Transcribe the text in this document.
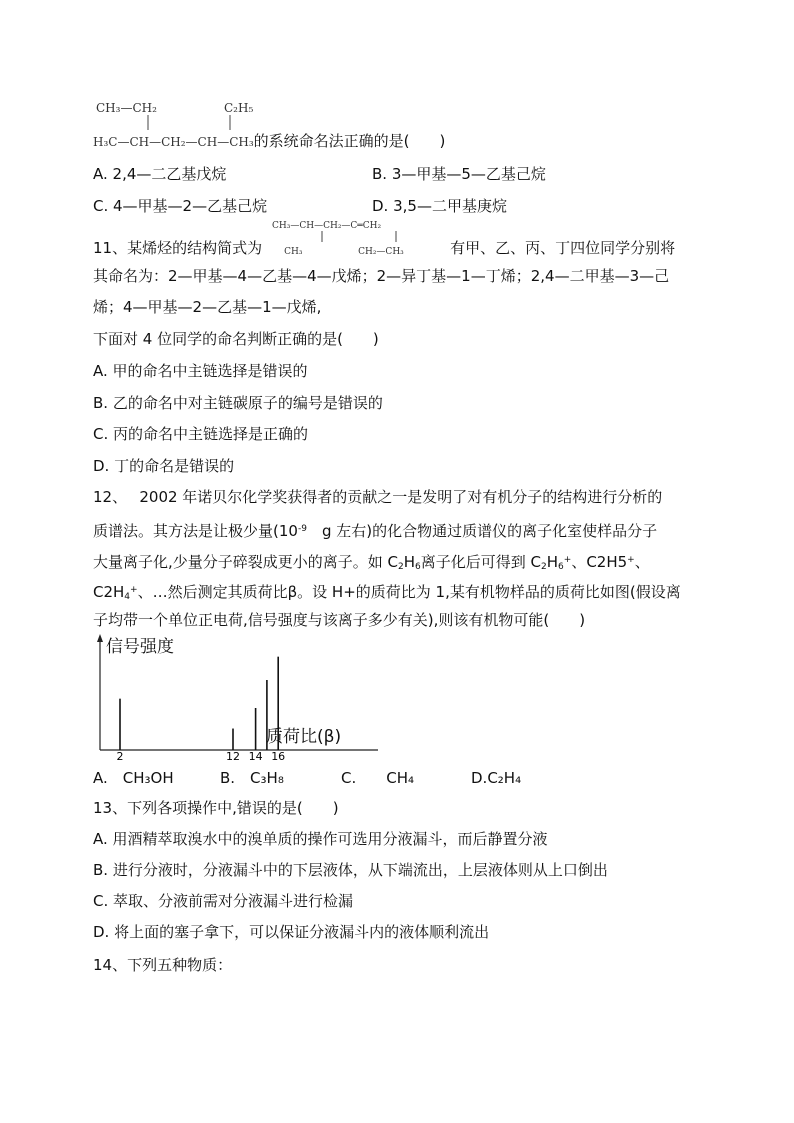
CH₃—CH₂	C₂H₅
H₃C—CH—CH₂—CH—CH₃的系统命名法正确的是(　　)
A. 2,4—二乙基戊烷	B. 3—甲基—5—乙基己烷
C. 4—甲基—2—乙基己烷	D. 3,5—二甲基庚烷
CH₃—CH—CH₂—C═CH₂
11、某烯烃的结构简式为 CH₃	CH₂—CH₃	有甲、乙、丙、丁四位同学分别将
其命名为：2—甲基—4—乙基—4—戊烯；2—异丁基—1—丁烯；2,4—二甲基—3—己
烯；4—甲基—2—乙基—1—戊烯,
下面对 4 位同学的命名判断正确的是(　　)
A. 甲的命名中主链选择是错误的
B. 乙的命名中对主链碳原子的编号是错误的
C. 丙的命名中主链选择是正确的
D. 丁的命名是错误的
12、　 2002 年诺贝尔化学奖获得者的贡献之一是发明了对有机分子的结构进行分析的
质谱法。其方法是让极少量($10^{-9}$　g 左右)的化合物通过质谱仪的离子化室使样品分子
大量离子化,少量分子碎裂成更小的离子。如 $C_2H_6$离子化后可得到 $C_2H_6^+$、C2H5+、
$C2H_4^+$、…然后测定其质荷比β。设 H+的质荷比为 1,某有机物样品的质荷比如图(假设离
子均带一个单位正电荷,信号强度与该离子多少有关),则该有机物可能(　　)
信号强度
质荷比(β)
2	12 14 16
A.　CH₃OH	B.　C₃H₈	C.　　CH₄	D.C₂H₄
13、下列各项操作中,错误的是(　　)
A. 用酒精萃取溴水中的溴单质的操作可选用分液漏斗，而后静置分液
B. 进行分液时，分液漏斗中的下层液体，从下端流出，上层液体则从上口倒出
C. 萃取、分液前需对分液漏斗进行检漏
D. 将上面的塞子拿下，可以保证分液漏斗内的液体顺利流出
14、下列五种物质：
